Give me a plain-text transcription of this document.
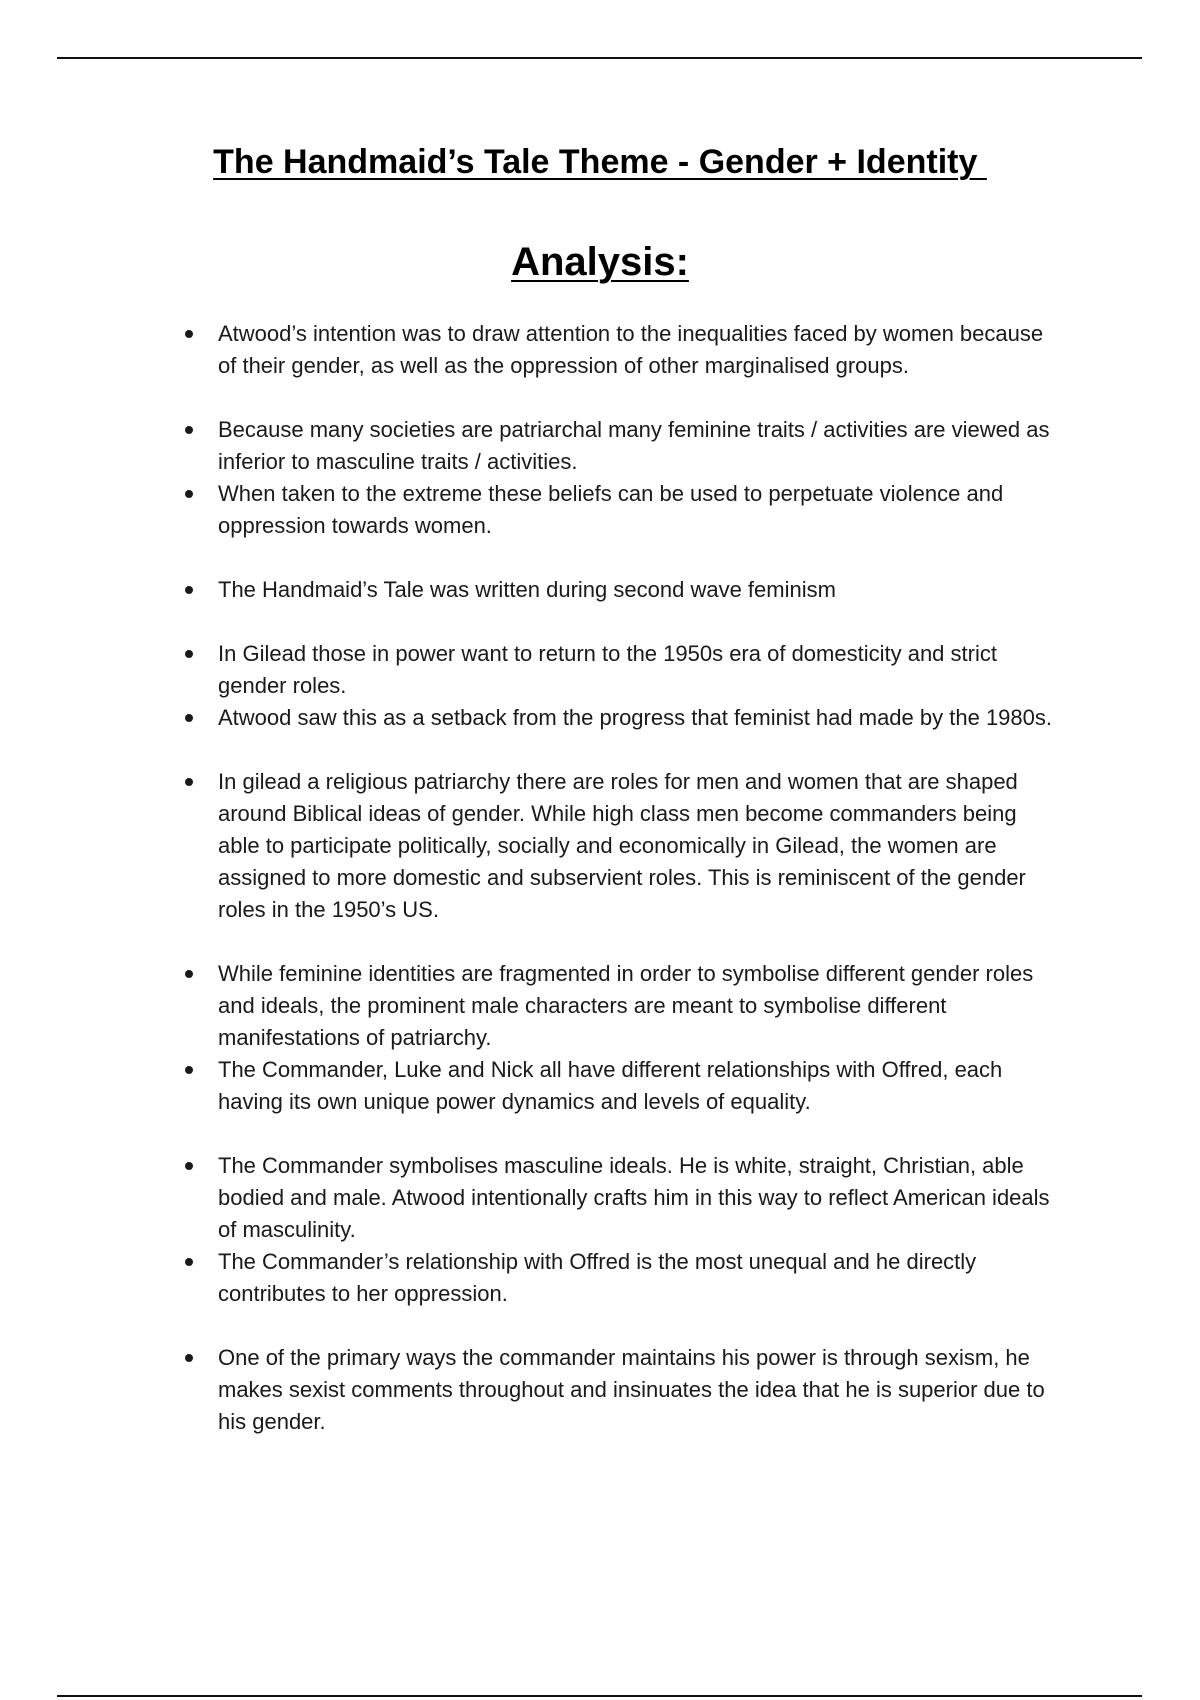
The Handmaid’s Tale Theme - Gender + Identity
Analysis:
Atwood’s intention was to draw attention to the inequalities faced by women because of their gender, as well as the oppression of other marginalised groups.
Because many societies are patriarchal many feminine traits / activities are viewed as inferior to masculine traits / activities.
When taken to the extreme these beliefs can be used to perpetuate violence and oppression towards women.
The Handmaid’s Tale was written during second wave feminism
In Gilead those in power want to return to the 1950s era of domesticity and strict gender roles.
Atwood saw this as a setback from the progress that feminist had made by the 1980s.
In gilead a religious patriarchy there are roles for men and women that are shaped around Biblical ideas of gender. While high class men become commanders being able to participate politically, socially and economically in Gilead, the women are assigned to more domestic and subservient roles. This is reminiscent of the gender roles in the 1950’s US.
While feminine identities are fragmented in order to symbolise different gender roles and ideals, the prominent male characters are meant to symbolise different manifestations of patriarchy.
The Commander, Luke and Nick all have different relationships with Offred, each having its own unique power dynamics and levels of equality.
The Commander symbolises masculine ideals. He is white, straight, Christian, able bodied and male. Atwood intentionally crafts him in this way to reflect American ideals of masculinity.
The Commander’s relationship with Offred is the most unequal and he directly contributes to her oppression.
One of the primary ways the commander maintains his power is through sexism, he makes sexist comments throughout and insinuates the idea that he is superior due to his gender.
